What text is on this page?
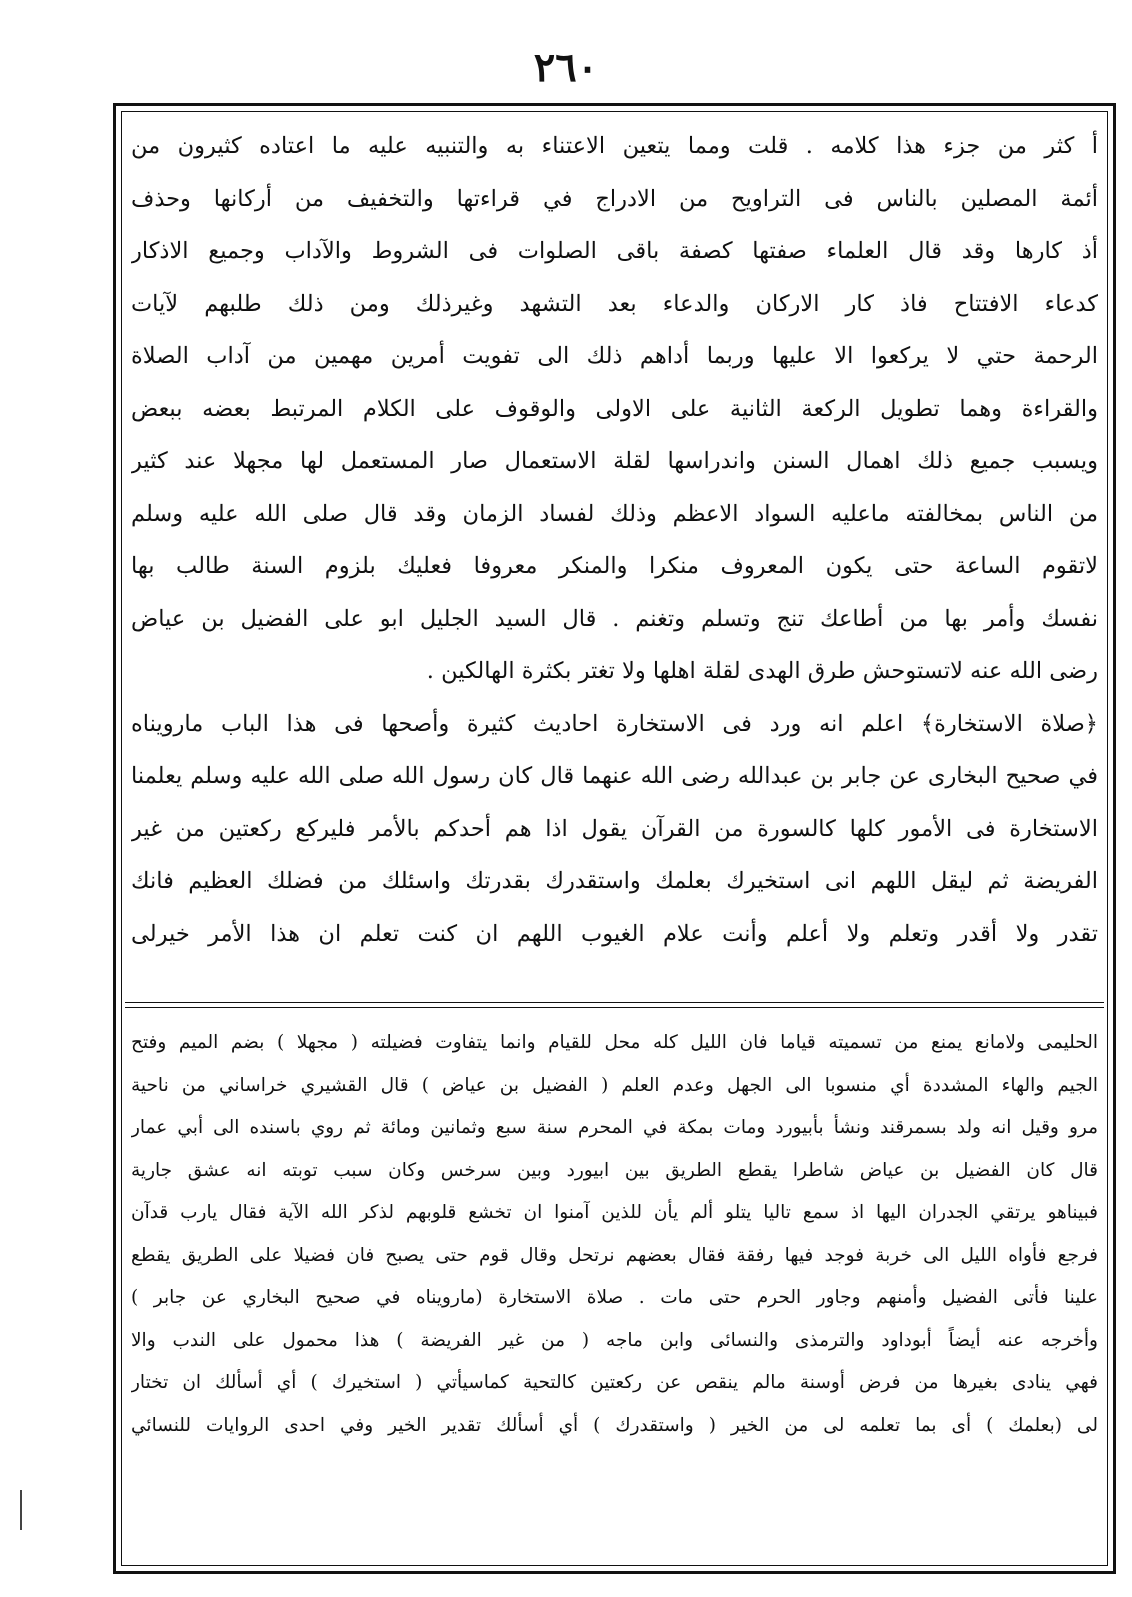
٢٦٠
أ كثر من جزء هذا كلامه . قلت ومما يتعين الاعتناء به والتنبيه عليه ما اعتاده كثيرون من
أئمة المصلين بالناس فى التراويح من الادراج في قراءتها والتخفيف من أركانها وحذف
أذ كارها وقد قال العلماء صفتها كصفة باقى الصلوات فى الشروط والآداب وجميع الاذكار
كدعاء الافتتاح فاذ كار الاركان والدعاء بعد التشهد وغيرذلك ومن ذلك طلبهم لآيات
الرحمة حتي لا يركعوا الا عليها وربما أداهم ذلك الى تفويت أمرين مهمين من آداب الصلاة
والقراءة وهما تطويل الركعة الثانية على الاولى والوقوف على الكلام المرتبط بعضه ببعض
ويسبب جميع ذلك اهمال السنن واندراسها لقلة الاستعمال صار المستعمل لها مجهلا عند كثير
من الناس بمخالفته ماعليه السواد الاعظم وذلك لفساد الزمان وقد قال صلى الله عليه وسلم
لاتقوم الساعة حتى يكون المعروف منكرا والمنكر معروفا فعليك بلزوم السنة طالب بها
نفسك وأمر بها من أطاعك تنج وتسلم وتغنم . قال السيد الجليل ابو على الفضيل بن عياض
رضى الله عنه لاتستوحش طرق الهدى لقلة اهلها ولا تغتر بكثرة الهالكين .
﴿صلاة الاستخارة﴾ اعلم انه ورد فى الاستخارة احاديث كثيرة وأصحها فى هذا الباب مارويناه
في صحيح البخارى عن جابر بن عبدالله رضى الله عنهما قال كان رسول الله صلى الله عليه وسلم يعلمنا
الاستخارة فى الأمور كلها كالسورة من القرآن يقول اذا هم أحدكم بالأمر فليركع ركعتين من غير
الفريضة ثم ليقل اللهم انى استخيرك بعلمك واستقدرك بقدرتك واسئلك من فضلك العظيم فانك
تقدر ولا أقدر وتعلم ولا أعلم وأنت علام الغيوب اللهم ان كنت تعلم ان هذا الأمر خيرلى
الحليمى ولامانع يمنع من تسميته قياما فان الليل كله محل للقيام وانما يتفاوت فضيلته ( مجهلا ) بضم الميم وفتح
الجيم والهاء المشددة أي منسوبا الى الجهل وعدم العلم ( الفضيل بن عياض ) قال القشيري خراساني من ناحية
مرو وقيل انه ولد بسمرقند ونشأ بأبيورد ومات بمكة في المحرم سنة سبع وثمانين ومائة ثم روي باسنده الى أبي عمار
قال كان الفضيل بن عياض شاطرا يقطع الطريق بين ابيورد وبين سرخس وكان سبب توبته انه عشق جارية
فبيناهو يرتقي الجدران اليها اذ سمع تاليا يتلو ألم يأن للذين آمنوا ان تخشع قلوبهم لذكر الله الآية فقال يارب قدآن
فرجع فأواه الليل الى خربة فوجد فيها رفقة فقال بعضهم نرتحل وقال قوم حتى يصبح فان فضيلا على الطريق يقطع
علينا فأتى الفضيل وأمنهم وجاور الحرم حتى مات . صلاة الاستخارة (مارويناه في صحيح البخاري عن جابر )
وأخرجه عنه أيضاً أبوداود والترمذى والنسائى وابن ماجه ( من غير الفريضة ) هذا محمول على الندب والا
فهي ينادى بغيرها من فرض أوسنة مالم ينقص عن ركعتين كالتحية كماسيأتي ( استخيرك ) أي أسألك ان تختار
لى (بعلمك ) أى بما تعلمه لى من الخير ( واستقدرك ) أي أسألك تقدير الخير وفي احدى الروايات للنسائي
